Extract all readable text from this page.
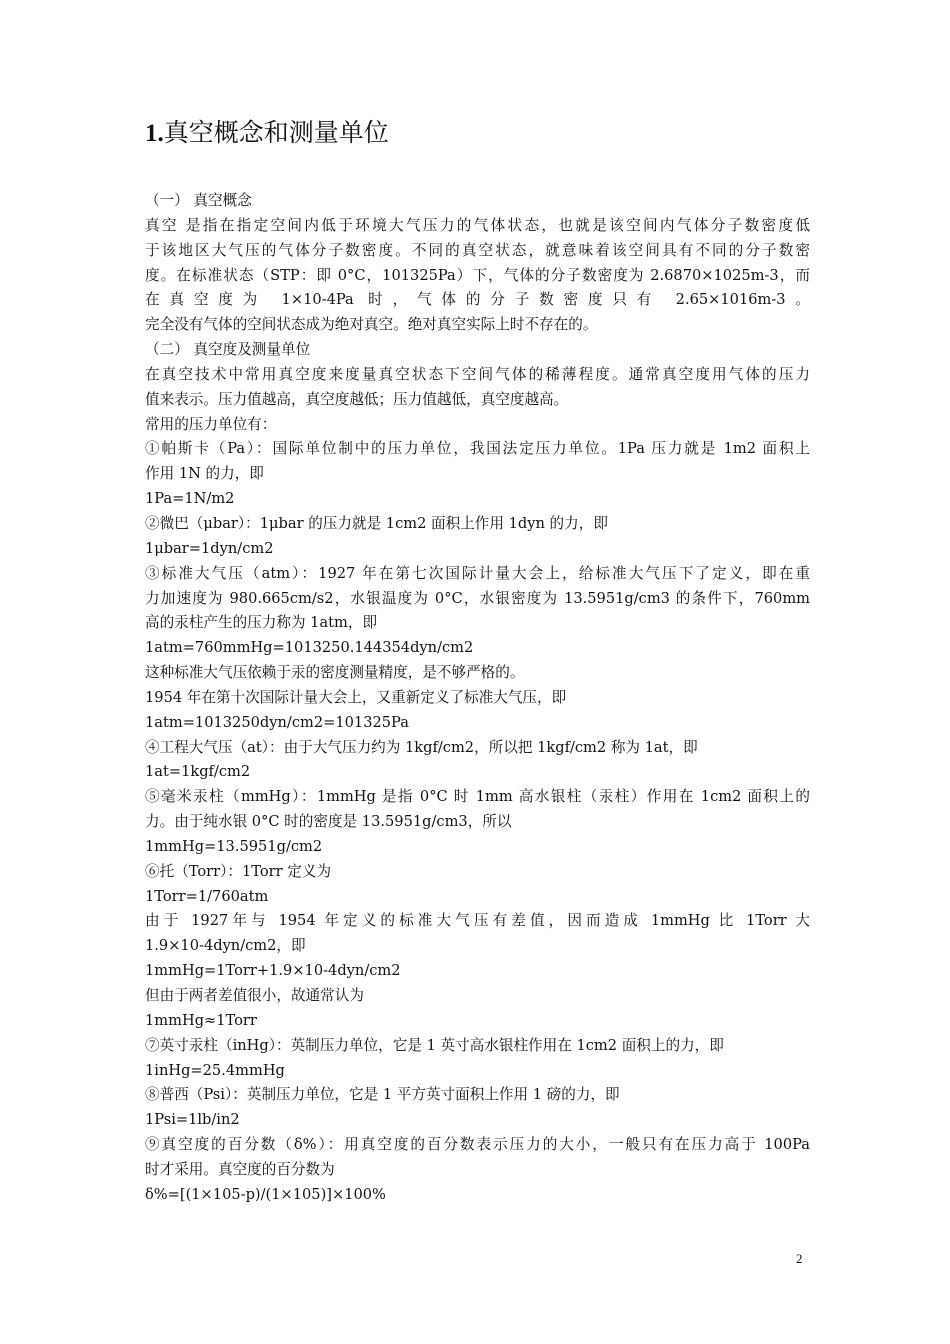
1.真空概念和测量单位
（一） 真空概念
真空 是指在指定空间内低于环境大气压力的气体状态，也就是该空间内气体分子数密度低
于该地区大气压的气体分子数密度。不同的真空状态，就意味着该空间具有不同的分子数密
度。在标准状态（STP：即 0°C，101325Pa）下，气体的分子数密度为 2.6870×1025m-3，而
在真空度为 1×10-4Pa 时，气体的分子数密度只有 2.65×1016m-3。
完全没有气体的空间状态成为绝对真空。绝对真空实际上时不存在的。
（二） 真空度及测量单位
在真空技术中常用真空度来度量真空状态下空间气体的稀薄程度。通常真空度用气体的压力
值来表示。压力值越高，真空度越低；压力值越低，真空度越高。
常用的压力单位有：
①帕斯卡（Pa）：国际单位制中的压力单位，我国法定压力单位。1Pa 压力就是 1m2 面积上
作用 1N 的力，即
1Pa=1N/m2
②微巴（μbar）：1μbar 的压力就是 1cm2 面积上作用 1dyn 的力，即
1μbar=1dyn/cm2
③标准大气压（atm）：1927 年在第七次国际计量大会上，给标准大气压下了定义，即在重
力加速度为 980.665cm/s2，水银温度为 0°C，水银密度为 13.5951g/cm3 的条件下，760mm
高的汞柱产生的压力称为 1atm，即
1atm=760mmHg=1013250.144354dyn/cm2
这种标准大气压依赖于汞的密度测量精度，是不够严格的。
1954 年在第十次国际计量大会上，又重新定义了标准大气压，即
1atm=1013250dyn/cm2=101325Pa
④工程大气压（at）：由于大气压力约为 1kgf/cm2，所以把 1kgf/cm2 称为 1at，即
1at=1kgf/cm2
⑤毫米汞柱（mmHg）：1mmHg 是指 0°C 时 1mm 高水银柱（汞柱）作用在 1cm2 面积上的
力。由于纯水银 0°C 时的密度是 13.5951g/cm3，所以
1mmHg=13.5951g/cm2
⑥托（Torr）：1Torr 定义为
1Torr=1/760atm
由于 1927年与 1954 年定义的标准大气压有差值，因而造成 1mmHg 比 1Torr 大
1.9×10-4dyn/cm2，即
1mmHg=1Torr+1.9×10-4dyn/cm2
但由于两者差值很小，故通常认为
1mmHg≈1Torr
⑦英寸汞柱（inHg）：英制压力单位，它是 1 英寸高水银柱作用在 1cm2 面积上的力，即
1inHg=25.4mmHg
⑧普西（Psi）：英制压力单位，它是 1 平方英寸面积上作用 1 磅的力，即
1Psi=1lb/in2
⑨真空度的百分数（δ%）：用真空度的百分数表示压力的大小，一般只有在压力高于 100Pa
时才采用。真空度的百分数为
δ%=[(1×105-p)/(1×105)]×100%
2
